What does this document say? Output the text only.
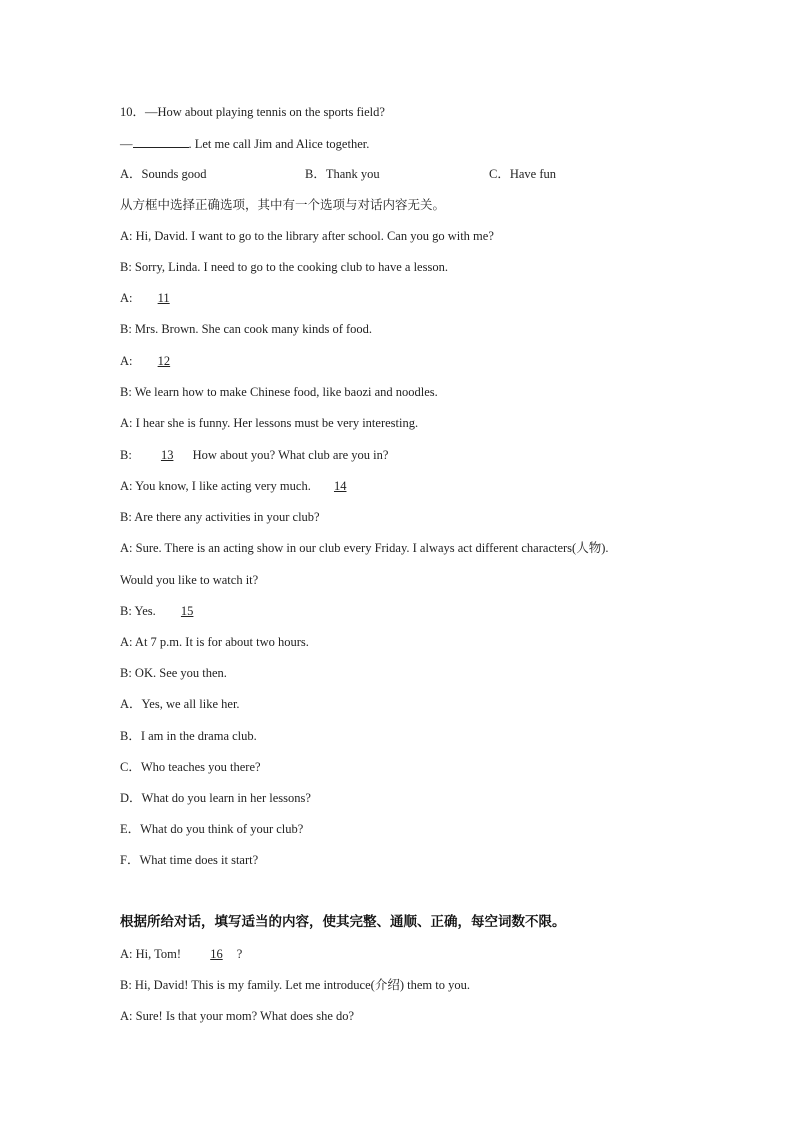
10．—How about playing tennis on the sports field?
—	. Let me call Jim and Alice together.
A．Sounds good	B．Thank you	C．Have fun
从方框中选择正确选项，其中有一个选项与对话内容无关。
A: Hi, David. I want to go to the library after school. Can you go with me?
B: Sorry, Linda. I need to go to the cooking club to have a lesson.
A: 11
B: Mrs. Brown. She can cook many kinds of food.
A: 12
B: We learn how to make Chinese food, like baozi and noodles.
A: I hear she is funny. Her lessons must be very interesting.
B: 13 How about you? What club are you in?
A: You know, I like acting very much. 14
B: Are there any activities in your club?
A: Sure. There is an acting show in our club every Friday. I always act different characters(人物).
Would you like to watch it?
B: Yes. 15
A: At 7 p.m. It is for about two hours.
B: OK. See you then.
A．Yes, we all like her.
B．I am in the drama club.
C．Who teaches you there?
D．What do you learn in her lessons?
E．What do you think of your club?
F．What time does it start?
根据所给对话，填写适当的内容，使其完整、通顺、正确，每空词数不限。
A: Hi, Tom! 16 ?
B: Hi, David! This is my family. Let me introduce(介绍) them to you.
A: Sure! Is that your mom? What does she do?
